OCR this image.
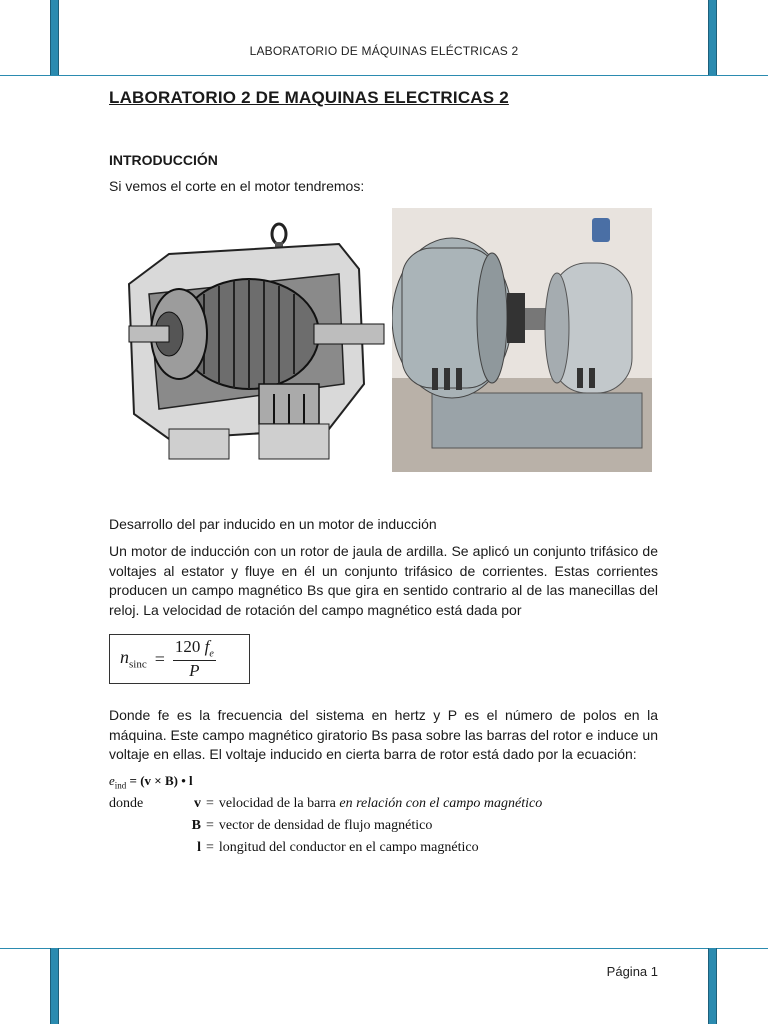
LABORATORIO DE MÁQUINAS ELÉCTRICAS 2
LABORATORIO 2 DE MAQUINAS ELECTRICAS 2
INTRODUCCIÓN
Si vemos el corte en el motor tendremos:
Desarrollo del par inducido en un motor de inducción

Un motor de inducción con un rotor de jaula de ardilla. Se aplicó un conjunto trifásico de voltajes al estator y fluye en él un conjunto trifásico de corrientes. Estas corrientes producen un campo magnético Bs que gira en sentido contrario al de las manecillas del reloj. La velocidad de rotación del campo magnético está dada por

$n_{sinc} = \frac{120 f_e}{P}$

Donde fe es la frecuencia del sistema en hertz y P es el número de polos en la máquina. Este campo magnético giratorio Bs pasa sobre las barras del rotor e induce un voltaje en ellas. El voltaje inducido en cierta barra de rotor está dado por la ecuación:

$e_{ind} = (v \times B)$ • l
donde	v = velocidad de la barra en relación con el campo magnético
B = vector de densidad de flujo magnético
l = longitud del conductor en el campo magnético
Página 1
